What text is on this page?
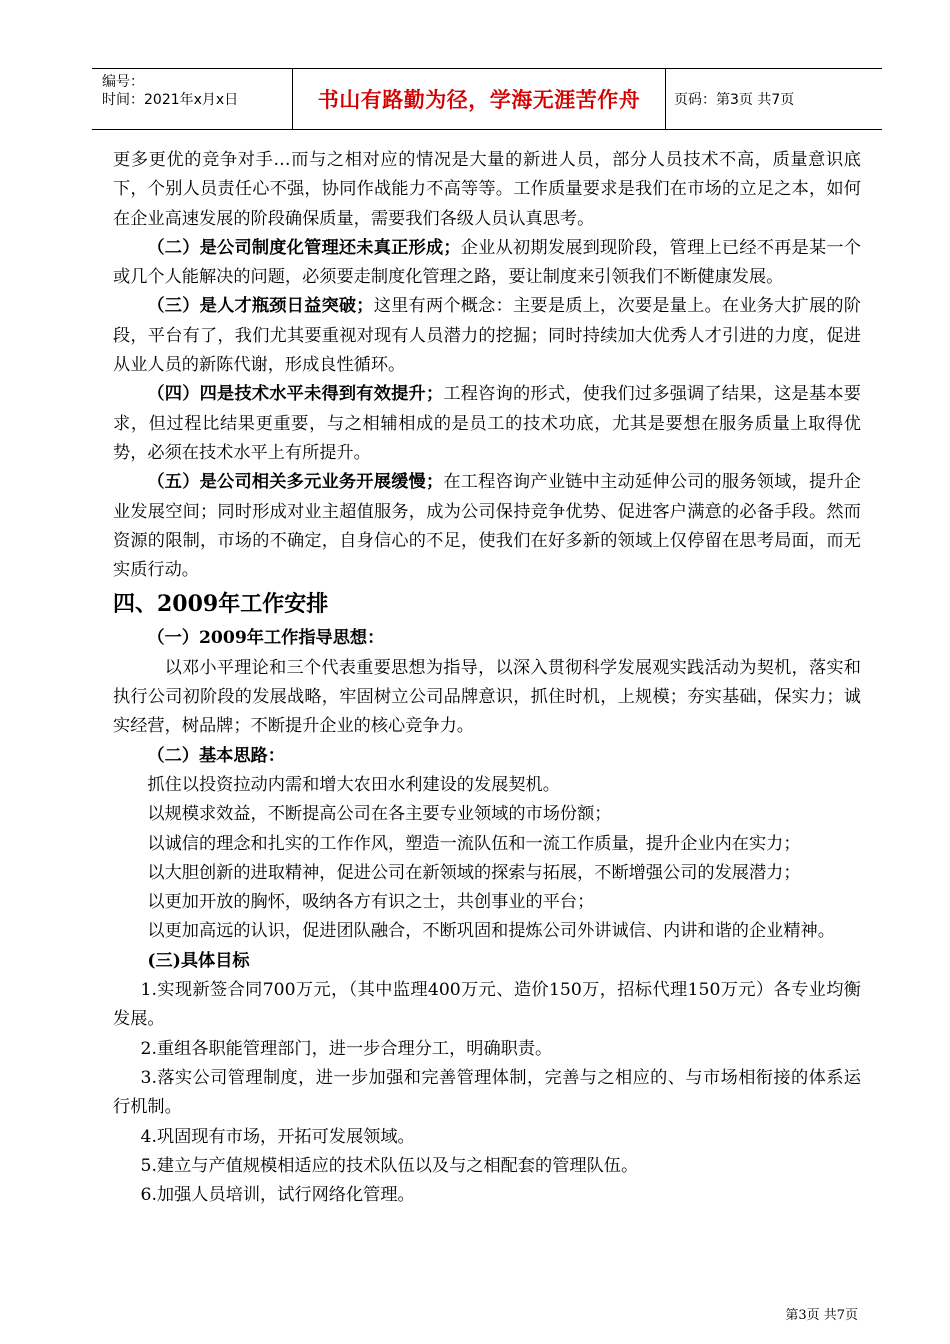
编号：
时间：2021年x月x日	书山有路勤为径，学海无涯苦作舟 页码：第3页 共7页

更多更优的竞争对手…而与之相对应的情况是大量的新进人员，部分人员技术不高，质量意识底下，个别人员责任心不强，协同作战能力不高等等。工作质量要求是我们在市场的立足之本，如何在企业高速发展的阶段确保质量，需要我们各级人员认真思考。

（二）是公司制度化管理还未真正形成；企业从初期发展到现阶段，管理上已经不再是某一个或几个人能解决的问题，必须要走制度化管理之路，要让制度来引领我们不断健康发展。

（三）是人才瓶颈日益突破；这里有两个概念：主要是质上，次要是量上。在业务大扩展的阶段，平台有了，我们尤其要重视对现有人员潜力的挖掘；同时持续加大优秀人才引进的力度，促进从业人员的新陈代谢，形成良性循环。

（四）四是技术水平未得到有效提升；工程咨询的形式，使我们过多强调了结果，这是基本要求，但过程比结果更重要，与之相辅相成的是员工的技术功底，尤其是要想在服务质量上取得优势，必须在技术水平上有所提升。

（五）是公司相关多元业务开展缓慢；在工程咨询产业链中主动延伸公司的服务领域，提升企业发展空间；同时形成对业主超值服务，成为公司保持竞争优势、促进客户满意的必备手段。然而资源的限制，市场的不确定，自身信心的不足，使我们在好多新的领域上仅停留在思考局面，而无实质行动。

四、2009年工作安排

（一）2009年工作指导思想：

以邓小平理论和三个代表重要思想为指导，以深入贯彻科学发展观实践活动为契机，落实和执行公司初阶段的发展战略，牢固树立公司品牌意识，抓住时机，上规模；夯实基础，保实力；诚实经营，树品牌；不断提升企业的核心竞争力。

（二）基本思路：

抓住以投资拉动内需和增大农田水利建设的发展契机。

以规模求效益，不断提高公司在各主要专业领域的市场份额；

以诚信的理念和扎实的工作作风，塑造一流队伍和一流工作质量，提升企业内在实力；

以大胆创新的进取精神，促进公司在新领域的探索与拓展，不断增强公司的发展潜力；

以更加开放的胸怀，吸纳各方有识之士，共创事业的平台；

以更加高远的认识，促进团队融合，不断巩固和提炼公司外讲诚信、内讲和谐的企业精神。

(三)具体目标

1.实现新签合同700万元，（其中监理400万元、造价150万，招标代理150万元）各专业均衡发展。

2.重组各职能管理部门，进一步合理分工，明确职责。

3.落实公司管理制度，进一步加强和完善管理体制，完善与之相应的、与市场相衔接的体系运行机制。

4.巩固现有市场，开拓可发展领域。

5.建立与产值规模相适应的技术队伍以及与之相配套的管理队伍。

6.加强人员培训，试行网络化管理。

第3页 共7页
